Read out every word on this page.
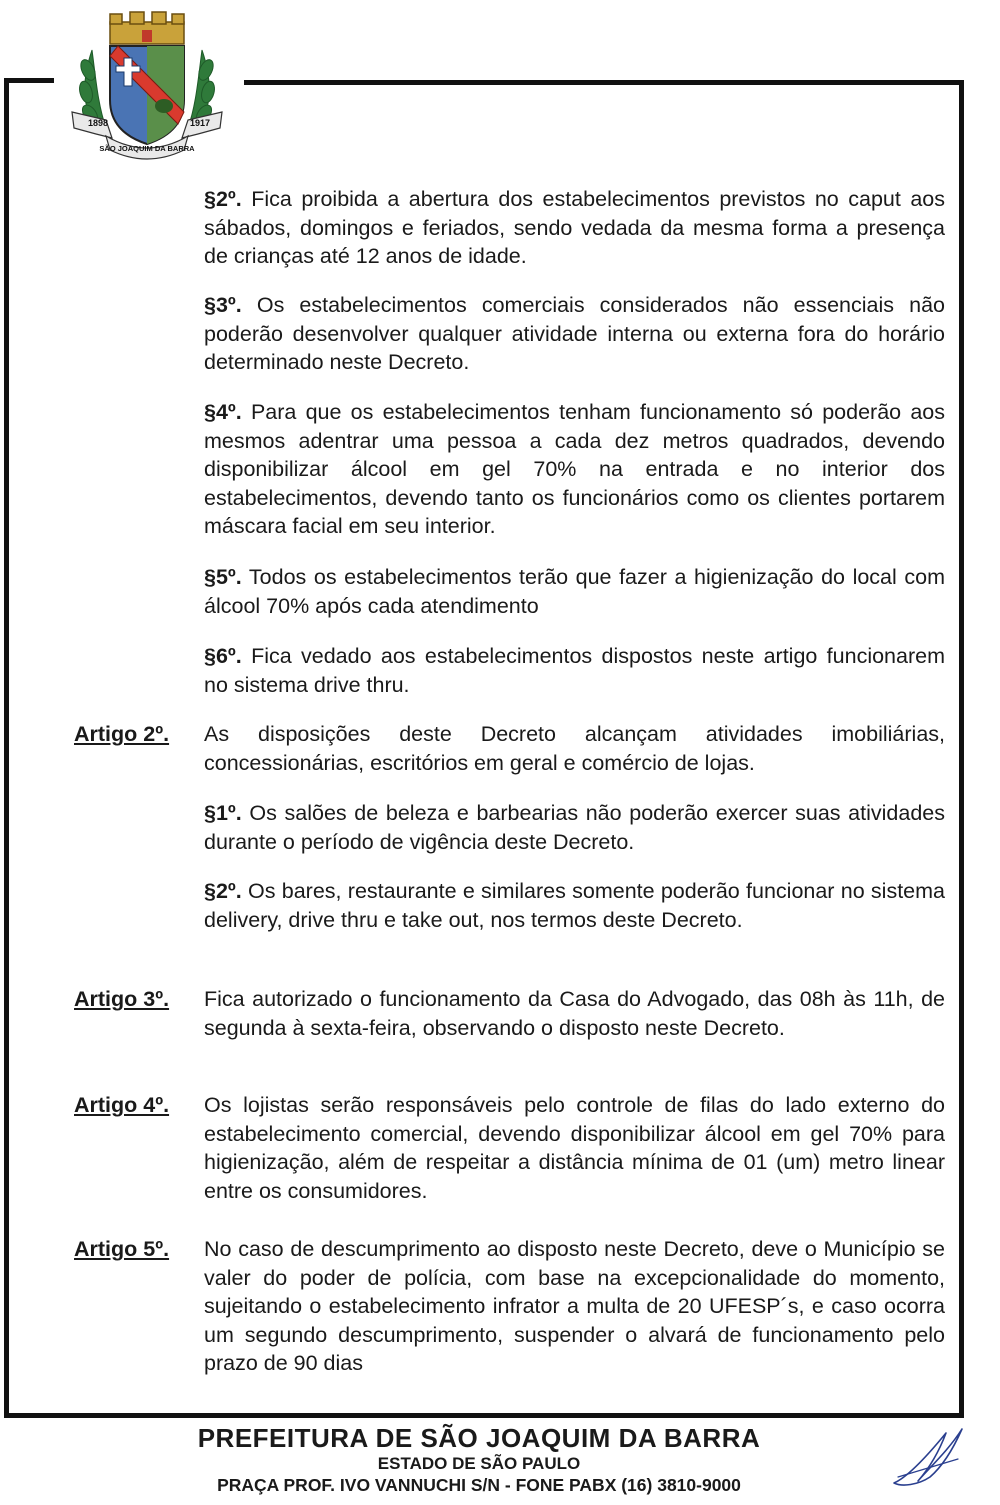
1898	1917
SÃO JOAQUIM DA BARRA
§2º. Fica proibida a abertura dos estabelecimentos previstos no caput aos sábados, domingos e feriados, sendo vedada da mesma forma a presença de crianças até 12 anos de idade.
§3º. Os estabelecimentos comerciais considerados não essenciais não poderão desenvolver qualquer atividade interna ou externa fora do horário determinado neste Decreto.
§4º. Para que os estabelecimentos tenham funcionamento só poderão aos mesmos adentrar uma pessoa a cada dez metros quadrados, devendo disponibilizar álcool em gel 70% na entrada e no interior dos estabelecimentos, devendo tanto os funcionários como os clientes portarem máscara facial em seu interior.
§5º. Todos os estabelecimentos terão que fazer a higienização do local com álcool 70% após cada atendimento
§6º. Fica vedado aos estabelecimentos dispostos neste artigo funcionarem no sistema drive thru.
Artigo 2º. As disposições deste Decreto alcançam atividades imobiliárias, concessionárias, escritórios em geral e comércio de lojas.
§1º. Os salões de beleza e barbearias não poderão exercer suas atividades durante o período de vigência deste Decreto.
§2º. Os bares, restaurante e similares somente poderão funcionar no sistema delivery, drive thru e take out, nos termos deste Decreto.
Artigo 3º. Fica autorizado o funcionamento da Casa do Advogado, das 08h às 11h, de segunda à sexta-feira, observando o disposto neste Decreto.
Artigo 4º. Os lojistas serão responsáveis pelo controle de filas do lado externo do estabelecimento comercial, devendo disponibilizar álcool em gel 70% para higienização, além de respeitar a distância mínima de 01 (um) metro linear entre os consumidores.
Artigo 5º. No caso de descumprimento ao disposto neste Decreto, deve o Município se valer do poder de polícia, com base na excepcionalidade do momento, sujeitando o estabelecimento infrator a multa de 20 UFESP´s, e caso ocorra um segundo descumprimento, suspender o alvará de funcionamento pelo prazo de 90 dias
PREFEITURA DE SÃO JOAQUIM DA BARRA
ESTADO DE SÃO PAULO
PRAÇA PROF. IVO VANNUCHI S/N - FONE PABX (16) 3810-9000
